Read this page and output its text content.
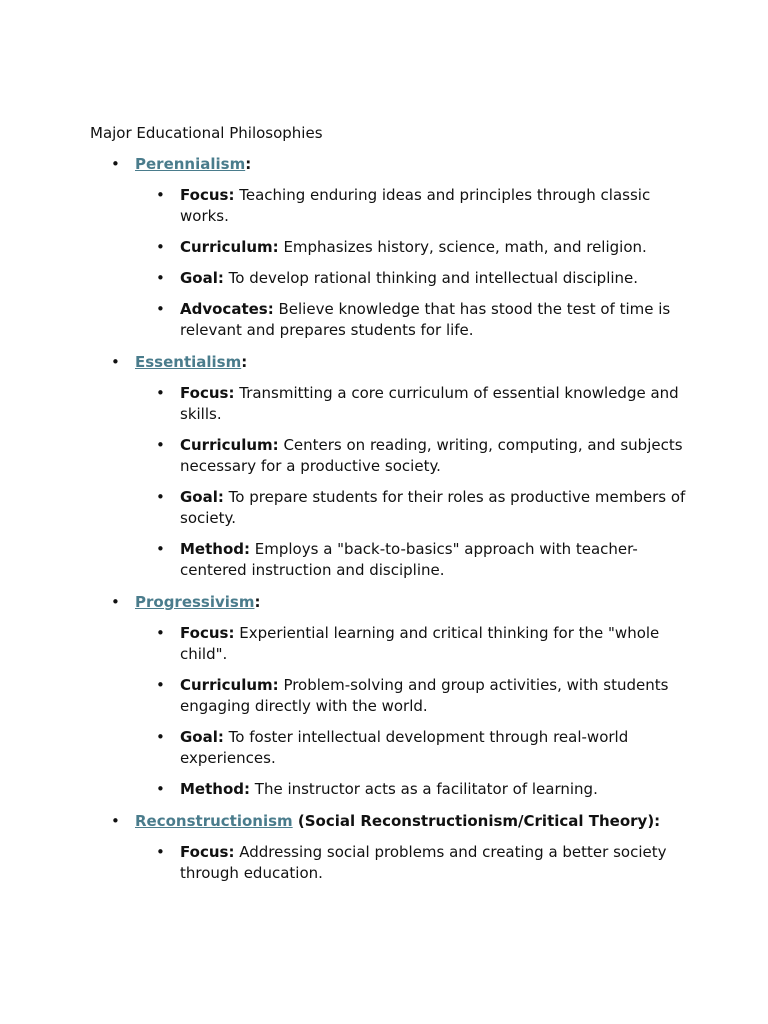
Major Educational Philosophies
• Perennialism:
• Focus: Teaching enduring ideas and principles through classic works.
• Curriculum: Emphasizes history, science, math, and religion.
• Goal: To develop rational thinking and intellectual discipline.
• Advocates: Believe knowledge that has stood the test of time is relevant and prepares students for life.
• Essentialism:
• Focus: Transmitting a core curriculum of essential knowledge and skills.
• Curriculum: Centers on reading, writing, computing, and subjects necessary for a productive society.
• Goal: To prepare students for their roles as productive members of society.
• Method: Employs a "back-to-basics" approach with teacher-centered instruction and discipline.
• Progressivism:
• Focus: Experiential learning and critical thinking for the "whole child".
• Curriculum: Problem-solving and group activities, with students engaging directly with the world.
• Goal: To foster intellectual development through real-world experiences.
• Method: The instructor acts as a facilitator of learning.
• Reconstructionism (Social Reconstructionism/Critical Theory):
• Focus: Addressing social problems and creating a better society through education.
